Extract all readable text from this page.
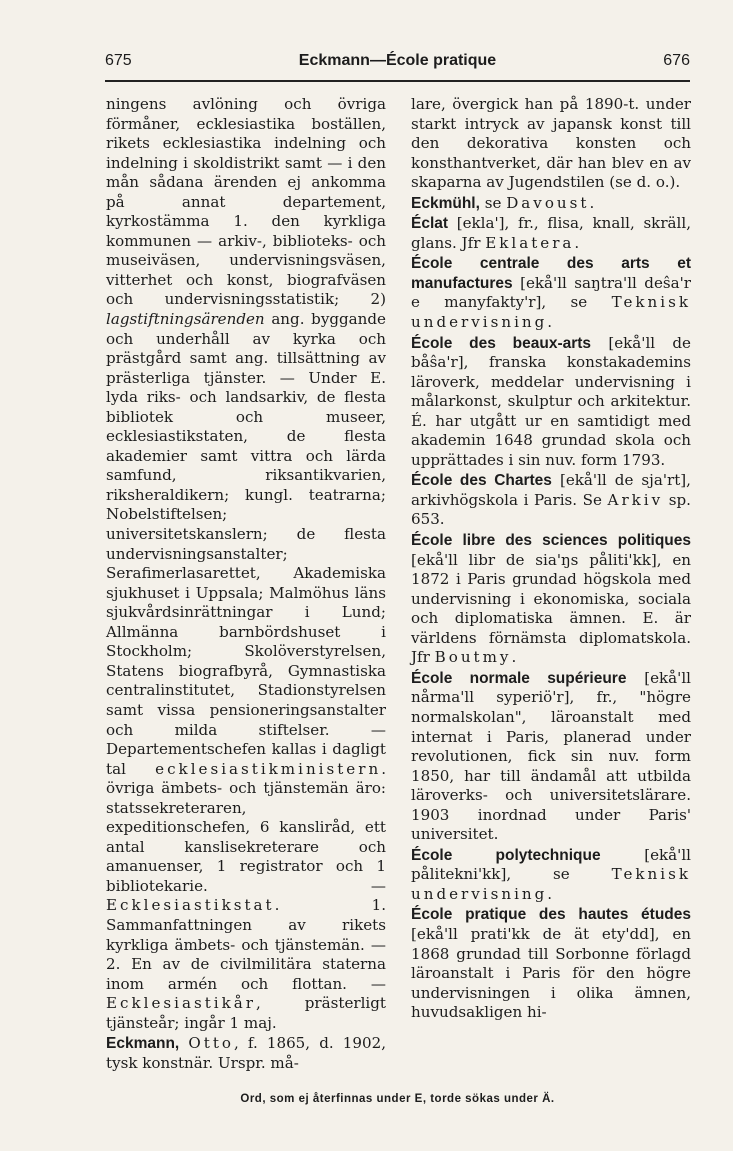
675	Eckmann—École pratique	676

ningens avlöning och övriga förmåner, ecklesiastika boställen, rikets ecklesiastika indelning och indelning i skoldistrikt samt — i den mån sådana ärenden ej ankomma på annat departement, kyrkostämma 1. den kyrkliga kommunen — arkiv-, biblioteks- och museiväsen, undervisningsväsen, vitterhet och konst, biografväsen och undervisningsstatistik; 2) lagstiftningsärenden ang. byggande och underhåll av kyrka och prästgård samt ang. tillsättning av prästerliga tjänster. — Under E. lyda riks- och landsarkiv, de flesta bibliotek och museer, ecklesiastikstaten, de flesta akademier samt vittra och lärda samfund, riksantikvarien, riksheraldikern; kungl. teatrarna; Nobelstiftelsen; universitetskanslern; de flesta undervisningsanstalter; Serafimerlasarettet, Akademiska sjukhuset i Uppsala; Malmöhus läns sjukvårdsinrättningar i Lund; Allmänna barnbördshuset i Stockholm; Skolöverstyrelsen, Statens biografbyrå, Gymnastiska centralinstitutet, Stadionstyrelsen samt vissa pensioneringsanstalter och milda stiftelser. — Departementschefen kallas i dagligt tal ecklesiastikministern. övriga ämbets- och tjänstemän äro: statssekreteraren, expeditionschefen, 6 kansliråd, ett antal kanslisekreterare och amanuenser, 1 registrator och 1 bibliotekarie. — Ecklesiastikstat. 1. Sammanfattningen av rikets kyrkliga ämbets- och tjänstemän. — 2. En av de civilmilitära staterna inom armén och flottan. — Ecklesiastikår, prästerligt tjänsteår; ingår 1 maj.

Eckmann, Otto, f. 1865, d. 1902, tysk konstnär. Urspr. må-

lare, övergick han på 1890-t. under starkt intryck av japansk konst till den dekorativa konsten och konsthantverket, där han blev en av skaparna av Jugendstilen (se d. o.).

Eckmühl, se Davoust.

Éclat [ekla'], fr., flisa, knall, skräll, glans. Jfr Eklatera.

École centrale des arts et manufactures [ekå'll saŋtra'll deŝa'r e manyfakty'r], se Teknisk undervisning.

École des beaux-arts [ekå'll de båŝa'r], franska konstakademins läroverk, meddelar undervisning i målarkonst, skulptur och arkitektur. É. har utgått ur en samtidigt med akademin 1648 grundad skola och upprättades i sin nuv. form 1793.

École des Chartes [ekå'll de sja'rt], arkivhögskola i Paris. Se Arkiv sp. 653.

École libre des sciences politiques [ekå'll libr de sia'ŋs påliti'kk], en 1872 i Paris grundad högskola med undervisning i ekonomiska, sociala och diplomatiska ämnen. E. är världens förnämsta diplomatskola. Jfr Boutmy.

École normale supérieure [ekå'll nårma'll syperiö'r], fr., "högre normalskolan", läroanstalt med internat i Paris, planerad under revolutionen, fick sin nuv. form 1850, har till ändamål att utbilda läroverks- och universitetslärare. 1903 inordnad under Paris' universitet.

École polytechnique [ekå'll pålitekni'kk], se Teknisk undervisning.

École pratique des hautes études [ekå'll prati'kk de ät ety'dd], en 1868 grundad till Sorbonne förlagd läroanstalt i Paris för den högre undervisningen i olika ämnen, huvudsakligen hi-

Ord, som ej återfinnas under E, torde sökas under Ä.
